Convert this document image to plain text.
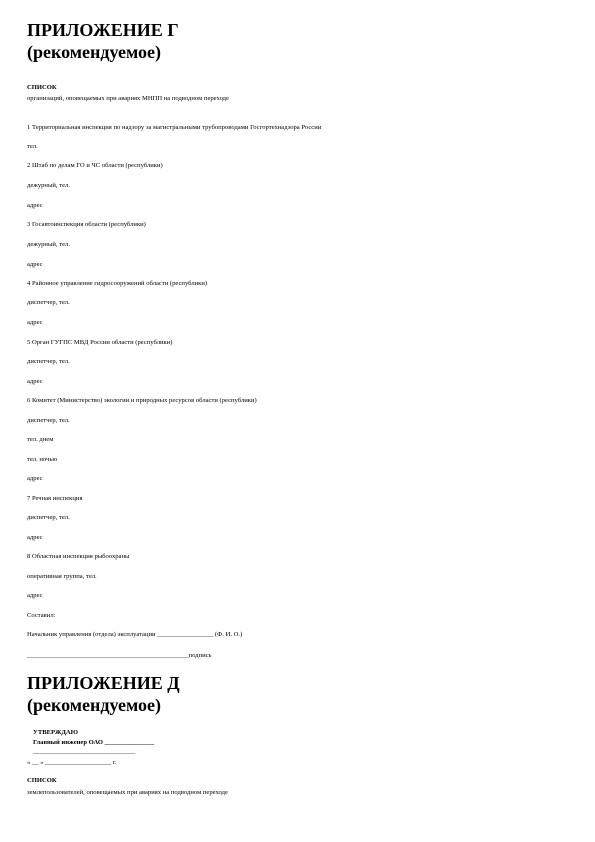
ПРИЛОЖЕНИЕ Г
(рекомендуемое)
СПИСОК
организаций, оповещаемых при авариях МНПП на подводном переходе
1 Территориальная инспекция по надзору за магистральными трубопроводами Госгортехнадзора России
тел.
2 Штаб по делам ГО и ЧС области (республики)
дежурный, тел.
адрес
3 Госавтоинспекция области (республики)
дежурный, тел.
адрес
4 Районное управление гидросооружений области (республики)
диспетчер, тел.
адрес
5 Орган ГУГПС МВД России области (республики)
диспетчер, тел.
адрес
6 Комитет (Министерство) экологии и природных ресурсов области (республики)
диспетчер, тел.
тел. днем
тел. ночью
адрес
7 Речная инспекция
диспетчер, тел.
адрес
8 Областная инспекция рыбоохраны
оперативная группа, тел.
адрес
Составил:
Начальник управления (отдела) эксплуатации _________________ (Ф. И. О.)
_________________________________________________подпись
ПРИЛОЖЕНИЕ Д
(рекомендуемое)
УТВЕРЖДАЮ
Главный инженер ОАО _______________
_______________________________
« __ » ____________________ г.
СПИСОК
землепользователей, оповещаемых при авариях на подводном переходе
